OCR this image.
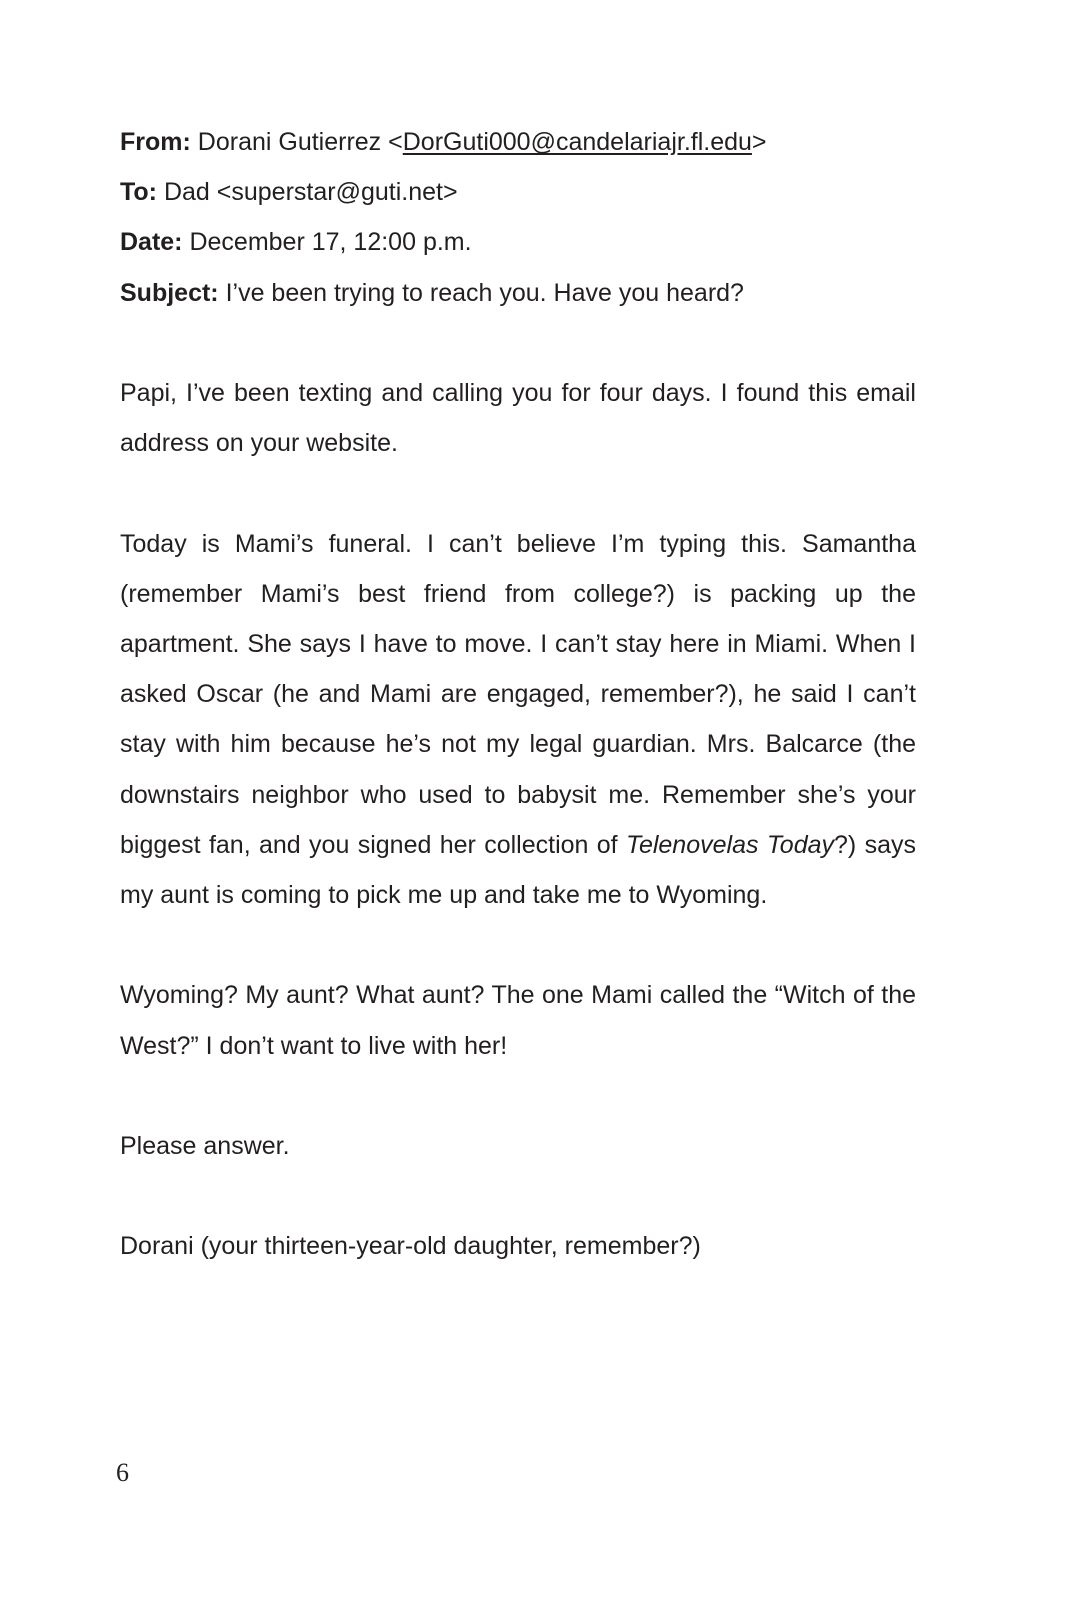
From: Dorani Gutierrez <DorGuti000@candelariajr.fl.edu>
To: Dad <superstar@guti.net>
Date: December 17, 12:00 p.m.
Subject: I’ve been trying to reach you. Have you heard?

Papi, I’ve been texting and calling you for four days. I found this email address on your website.

Today is Mami’s funeral. I can’t believe I’m typing this. Samantha (remember Mami’s best friend from college?) is packing up the apartment. She says I have to move. I can’t stay here in Miami. When I asked Oscar (he and Mami are engaged, remember?), he said I can’t stay with him because he’s not my legal guardian. Mrs. Balcarce (the downstairs neighbor who used to babysit me. Remember she’s your biggest fan, and you signed her collection of Telenovelas Today?) says my aunt is coming to pick me up and take me to Wyoming.

Wyoming? My aunt? What aunt? The one Mami called the “Witch of the West?” I don’t want to live with her!

Please answer.

Dorani (your thirteen-year-old daughter, remember?)

6
